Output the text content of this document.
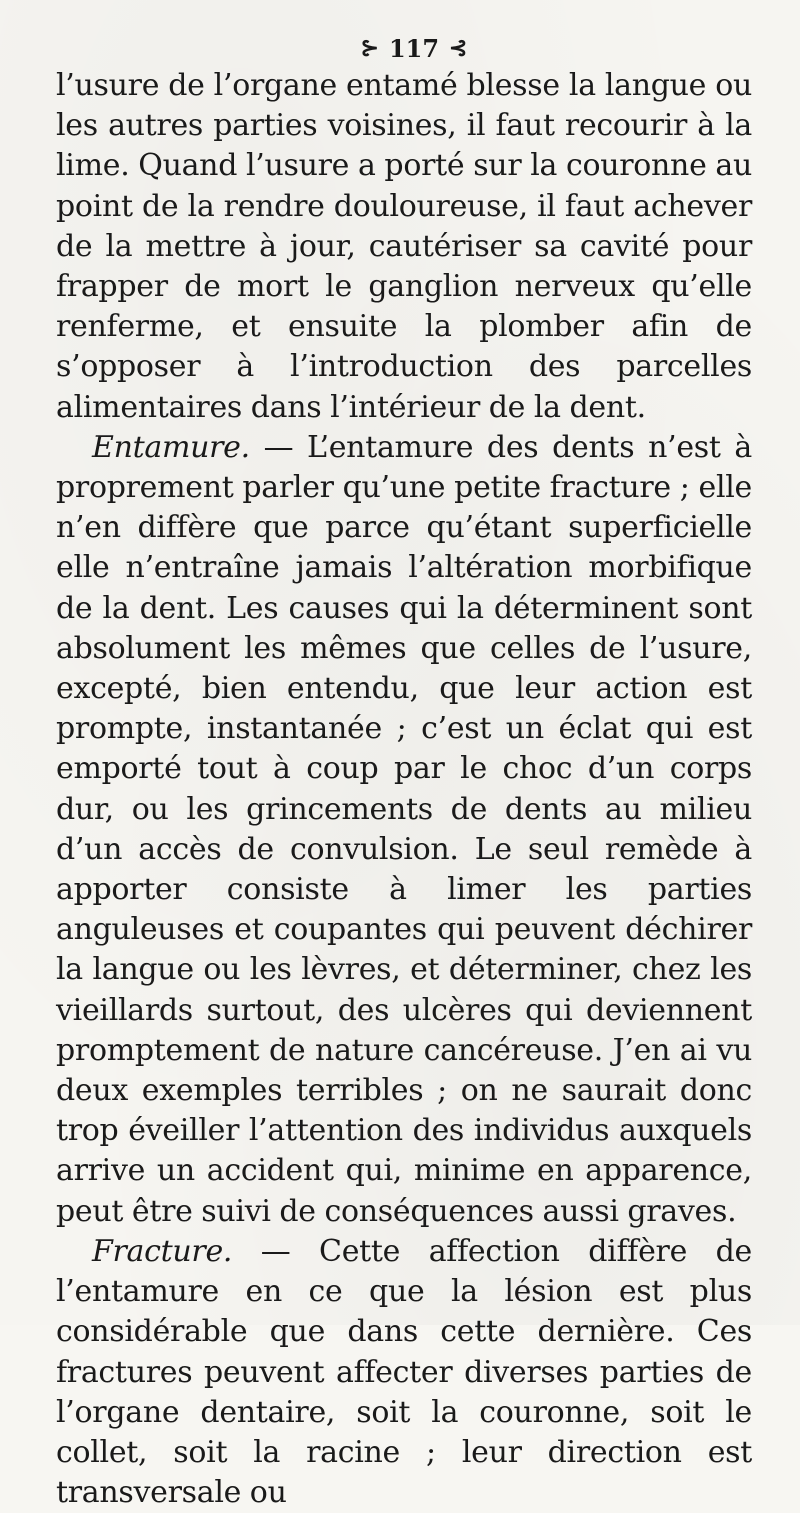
⊱ 117 ⊰

l’usure de l’organe entamé blesse la langue ou les autres parties voisines, il faut recourir à la lime. Quand l’usure a porté sur la couronne au point de la rendre douloureuse, il faut achever de la mettre à jour, cautériser sa cavité pour frapper de mort le ganglion nerveux qu’elle renferme, et ensuite la plomber afin de s’opposer à l’introduction des parcelles alimentaires dans l’intérieur de la dent.

Entamure. — L’entamure des dents n’est à proprement parler qu’une petite fracture ; elle n’en diffère que parce qu’étant superficielle elle n’entraîne jamais l’altération morbifique de la dent. Les causes qui la déterminent sont absolument les mêmes que celles de l’usure, excepté, bien entendu, que leur action est prompte, instantanée ; c’est un éclat qui est emporté tout à coup par le choc d’un corps dur, ou les grincements de dents au milieu d’un accès de convulsion. Le seul remède à apporter consiste à limer les parties anguleuses et coupantes qui peuvent déchirer la langue ou les lèvres, et déterminer, chez les vieillards surtout, des ulcères qui deviennent promptement de nature cancéreuse. J’en ai vu deux exemples terribles ; on ne saurait donc trop éveiller l’attention des individus auxquels arrive un accident qui, minime en apparence, peut être suivi de conséquences aussi graves.

Fracture. — Cette affection diffère de l’entamure en ce que la lésion est plus considérable que dans cette dernière. Ces fractures peuvent affecter diverses parties de l’organe dentaire, soit la couronne, soit le collet, soit la racine ; leur direction est transversale ou
